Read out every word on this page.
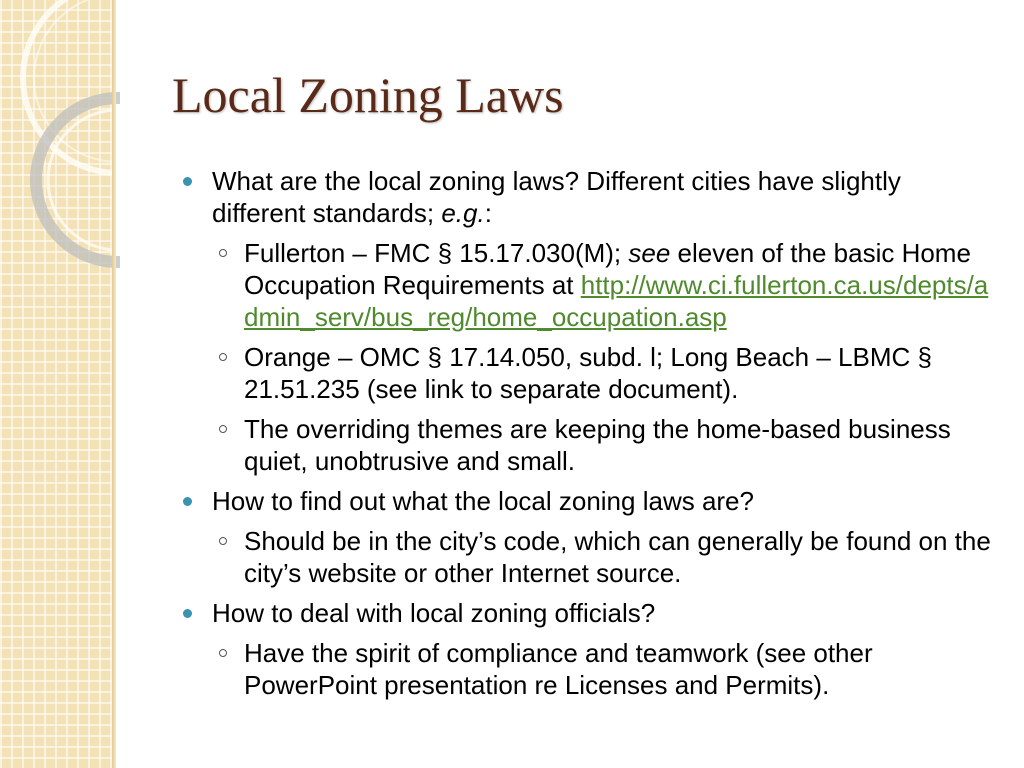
Local Zoning Laws
What are the local zoning laws? Different cities have slightly different standards; e.g.:
Fullerton – FMC § 15.17.030(M); see eleven of the basic Home Occupation Requirements at http://www.ci.fullerton.ca.us/depts/admin_serv/bus_reg/home_occupation.asp
Orange – OMC § 17.14.050, subd. l; Long Beach – LBMC § 21.51.235 (see link to separate document).
The overriding themes are keeping the home-based business quiet, unobtrusive and small.
How to find out what the local zoning laws are?
Should be in the city’s code, which can generally be found on the city’s website or other Internet source.
How to deal with local zoning officials?
Have the spirit of compliance and teamwork (see other PowerPoint presentation re Licenses and Permits).
